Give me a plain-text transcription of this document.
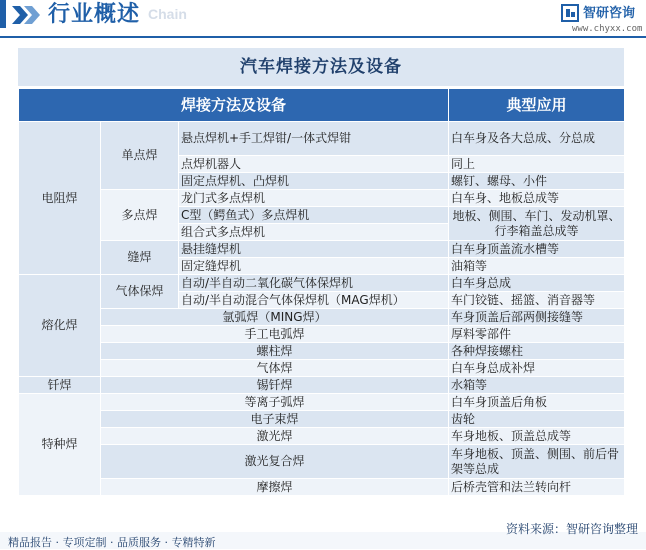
行业概述 Chain	智研咨询
www.chyxx.com
汽车焊接方法及设备
焊接方法及设备			典型应用
电阻焊	单点焊	悬点焊机+手工焊钳/一体式焊钳	白车身及各大总成、分总成
		点焊机器人	同上
		固定点焊机、凸焊机	螺钉、螺母、小件
	多点焊	龙门式多点焊机	白车身、地板总成等
		C型（鳄鱼式）多点焊机	地板、侧围、车门、发动机罩、行李箱盖总成等
		组合式多点焊机	
	缝焊	悬挂缝焊机	白车身顶盖流水槽等
		固定缝焊机	油箱等
熔化焊	气体保焊	自动/半自动二氧化碳气体保焊机	白车身总成
		自动/半自动混合气体保焊机（MAG焊机）	车门铰链、摇篮、消音器等
	氩弧焊（MING焊）		车身顶盖后部两侧接缝等
	手工电弧焊		厚料零部件
	螺柱焊		各种焊接螺柱
	气体焊		白车身总成补焊
钎焊	锡钎焊		水箱等
特种焊	等离子弧焊		白车身顶盖后角板
	电子束焊		齿轮
	激光焊		车身地板、顶盖总成等
	激光复合焊		车身地板、顶盖、侧围、前后骨架等总成
	摩擦焊		后桥壳管和法兰转向杆
精品报告 · 专项定制 · 品质服务 · 专精特新
资料来源：智研咨询整理
